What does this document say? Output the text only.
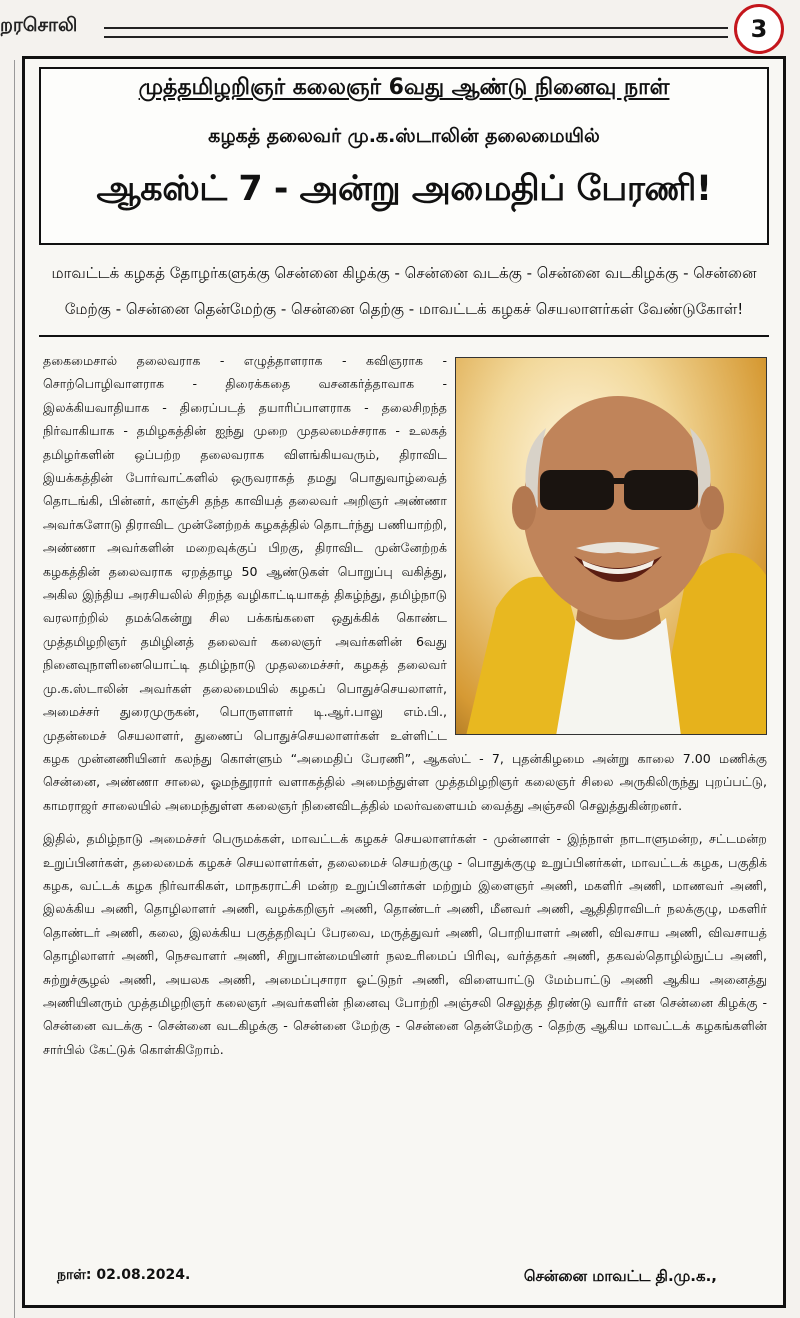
றரசொலி	3
முத்தமிழறிஞர் கலைஞர் 6வது ஆண்டு நினைவு நாள்
கழகத் தலைவர் மு.க.ஸ்டாலின் தலைமையில்
ஆகஸ்ட் 7 - அன்று அமைதிப் பேரணி!
மாவட்டக் கழகத் தோழர்களுக்கு சென்னை கிழக்கு - சென்னை வடக்கு - சென்னை வடகிழக்கு - சென்னை மேற்கு - சென்னை தென்மேற்கு - சென்னை தெற்கு - மாவட்டக் கழகச் செயலாளர்கள் வேண்டுகோள்!

தகைமைசால் தலைவராக - எழுத்தாளராக - கவிஞராக - சொற்பொழிவாளராக - திரைக்கதை வசனகர்த்தாவாக - இலக்கியவாதியாக - திரைப்படத் தயாரிப்பாளராக - தலைசிறந்த நிர்வாகியாக - தமிழகத்தின் ஐந்து முறை முதலமைச்சராக - உலகத் தமிழர்களின் ஒப்பற்ற தலைவராக விளங்கியவரும், திராவிட இயக்கத்தின் போர்வாட்களில் ஒருவராகத் தமது பொதுவாழ்வைத் தொடங்கி, பின்னர், காஞ்சி தந்த காவியத் தலைவர் அறிஞர் அண்ணா அவர்களோடு திராவிட முன்னேற்றக் கழகத்தில் தொடர்ந்து பணியாற்றி, அண்ணா அவர்களின் மறைவுக்குப் பிறகு, திராவிட முன்னேற்றக் கழகத்தின் தலைவராக ஏறத்தாழ 50 ஆண்டுகள் பொறுப்பு வகித்து, அகில இந்திய அரசியலில் சிறந்த வழிகாட்டியாகத் திகழ்ந்து, தமிழ்நாடு வரலாற்றில் தமக்கென்று சில பக்கங்களை ஒதுக்கிக் கொண்ட முத்தமிழறிஞர் தமிழினத் தலைவர் கலைஞர் அவர்களின் 6வது நினைவுநாளினையொட்டி தமிழ்நாடு முதலமைச்சர், கழகத் தலைவர் மு.க.ஸ்டாலின் அவர்கள் தலைமையில் கழகப் பொதுச்செயலாளர், அமைச்சர் துரைமுருகன், பொருளாளர் டி.ஆர்.பாலு எம்.பி., முதன்மைச் செயலாளர், துணைப் பொதுச்செயலாளர்கள் உள்ளிட்ட கழக முன்னணியினர் கலந்து கொள்ளும் “அமைதிப் பேரணி”, ஆகஸ்ட் - 7, புதன்கிழமை அன்று காலை 7.00 மணிக்கு சென்னை, அண்ணா சாலை, ஓமந்தூரார் வளாகத்தில் அமைந்துள்ள முத்தமிழறிஞர் கலைஞர் சிலை அருகிலிருந்து புறப்பட்டு, காமராஜர் சாலையில் அமைந்துள்ள கலைஞர் நினைவிடத்தில் மலர்வளையம் வைத்து அஞ்சலி செலுத்துகின்றனர்.

இதில், தமிழ்நாடு அமைச்சர் பெருமக்கள், மாவட்டக் கழகச் செயலாளர்கள் - முன்னாள் - இந்நாள் நாடாளுமன்ற, சட்டமன்ற உறுப்பினர்கள், தலைமைக் கழகச் செயலாளர்கள், தலைமைச் செயற்குழு - பொதுக்குழு உறுப்பினர்கள், மாவட்டக் கழக, பகுதிக் கழக, வட்டக் கழக நிர்வாகிகள், மாநகராட்சி மன்ற உறுப்பினர்கள் மற்றும் இளைஞர் அணி, மகளிர் அணி, மாணவர் அணி, இலக்கிய அணி, தொழிலாளர் அணி, வழக்கறிஞர் அணி, தொண்டர் அணி, மீனவர் அணி, ஆதிதிராவிடர் நலக்குழு, மகளிர் தொண்டர் அணி, கலை, இலக்கிய பகுத்தறிவுப் பேரவை, மருத்துவர் அணி, பொறியாளர் அணி, விவசாய அணி, விவசாயத் தொழிலாளர் அணி, நெசவாளர் அணி, சிறுபான்மையினர் நலஉரிமைப் பிரிவு, வர்த்தகர் அணி, தகவல்தொழில்நுட்ப அணி, சுற்றுச்சூழல் அணி, அயலக அணி, அமைப்புசாரா ஓட்டுநர் அணி, விளையாட்டு மேம்பாட்டு அணி ஆகிய அனைத்து அணியினரும் முத்தமிழறிஞர் கலைஞர் அவர்களின் நினைவு போற்றி அஞ்சலி செலுத்த திரண்டு வாரீர் என சென்னை கிழக்கு - சென்னை வடக்கு - சென்னை வடகிழக்கு - சென்னை மேற்கு - சென்னை தென்மேற்கு - தெற்கு ஆகிய மாவட்டக் கழகங்களின் சார்பில் கேட்டுக் கொள்கிறோம்.

நாள்: 02.08.2024.	சென்னை மாவட்ட தி.மு.க.,
